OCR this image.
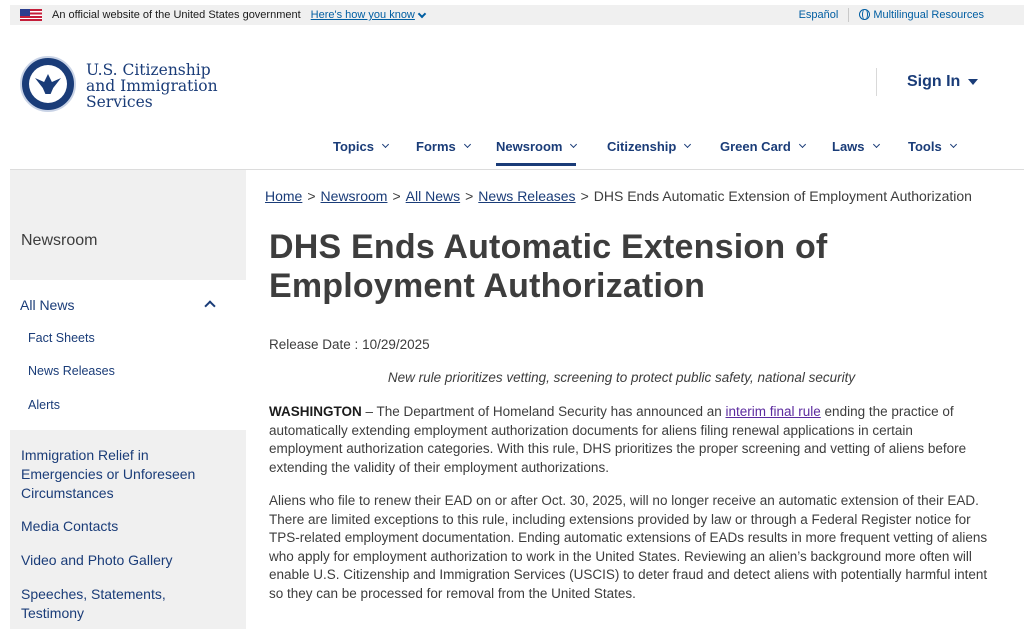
An official website of the United States government Here's how you know	Español	Multilingual Resources
U.S. Citizenship
and Immigration
Services
Sign In
Topics	Forms	Newsroom	Citizenship	Green Card	Laws	Tools
Newsroom
All News
Fact Sheets
News Releases
Alerts
Immigration Relief in Emergencies or Unforeseen Circumstances
Media Contacts
Video and Photo Gallery
Speeches, Statements, Testimony
Home > Newsroom > All News > News Releases > DHS Ends Automatic Extension of Employment Authorization
DHS Ends Automatic Extension of Employment Authorization
Release Date : 10/29/2025
New rule prioritizes vetting, screening to protect public safety, national security

WASHINGTON – The Department of Homeland Security has announced an interim final rule ending the practice of automatically extending employment authorization documents for aliens filing renewal applications in certain employment authorization categories. With this rule, DHS prioritizes the proper screening and vetting of aliens before extending the validity of their employment authorizations.

Aliens who file to renew their EAD on or after Oct. 30, 2025, will no longer receive an automatic extension of their EAD. There are limited exceptions to this rule, including extensions provided by law or through a Federal Register notice for TPS-related employment documentation. Ending automatic extensions of EADs results in more frequent vetting of aliens who apply for employment authorization to work in the United States. Reviewing an alien’s background more often will enable U.S. Citizenship and Immigration Services (USCIS) to deter fraud and detect aliens with potentially harmful intent so they can be processed for removal from the United States.
